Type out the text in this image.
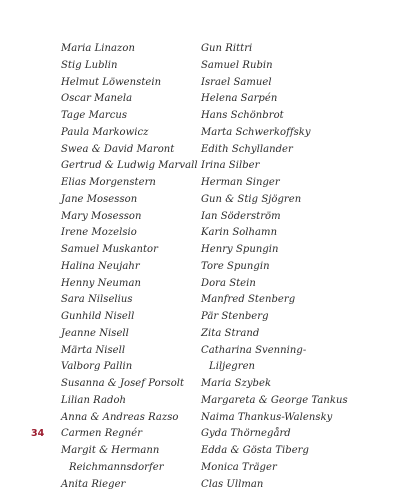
Maria Linazon
Stig Lublin
Helmut Löwenstein
Oscar Manela
Tage Marcus
Paula Markowicz
Swea & David Maront
Gertrud & Ludwig Marvall
Elias Morgenstern
Jane Mosesson
Mary Mosesson
Irene Mozelsio
Samuel Muskantor
Halina Neujahr
Henny Neuman
Sara Nilselius
Gunhild Nisell
Jeanne Nisell
Märta Nisell
Valborg Pallin
Susanna & Josef Porsolt
Lilian Radoh
Anna & Andreas Razso
Carmen Regnér
Margit & Hermann
Reichmannsdorfer
Anita Rieger
Gun Rittri
Samuel Rubin
Israel Samuel
Helena Sarpén
Hans Schönbrot
Marta Schwerkoffsky
Edith Schyllander
Irina Silber
Herman Singer
Gun & Stig Sjögren
Ian Söderström
Karin Solhamn
Henry Spungin
Tore Spungin
Dora Stein
Manfred Stenberg
Pär Stenberg
Zita Strand
Catharina Svenning-
Liljegren
Maria Szybek
Margareta & George Tankus
Naima Thankus-Walensky
Gyda Thörnegård
Edda & Gösta Tiberg
Monica Träger
Clas Ullman
34
